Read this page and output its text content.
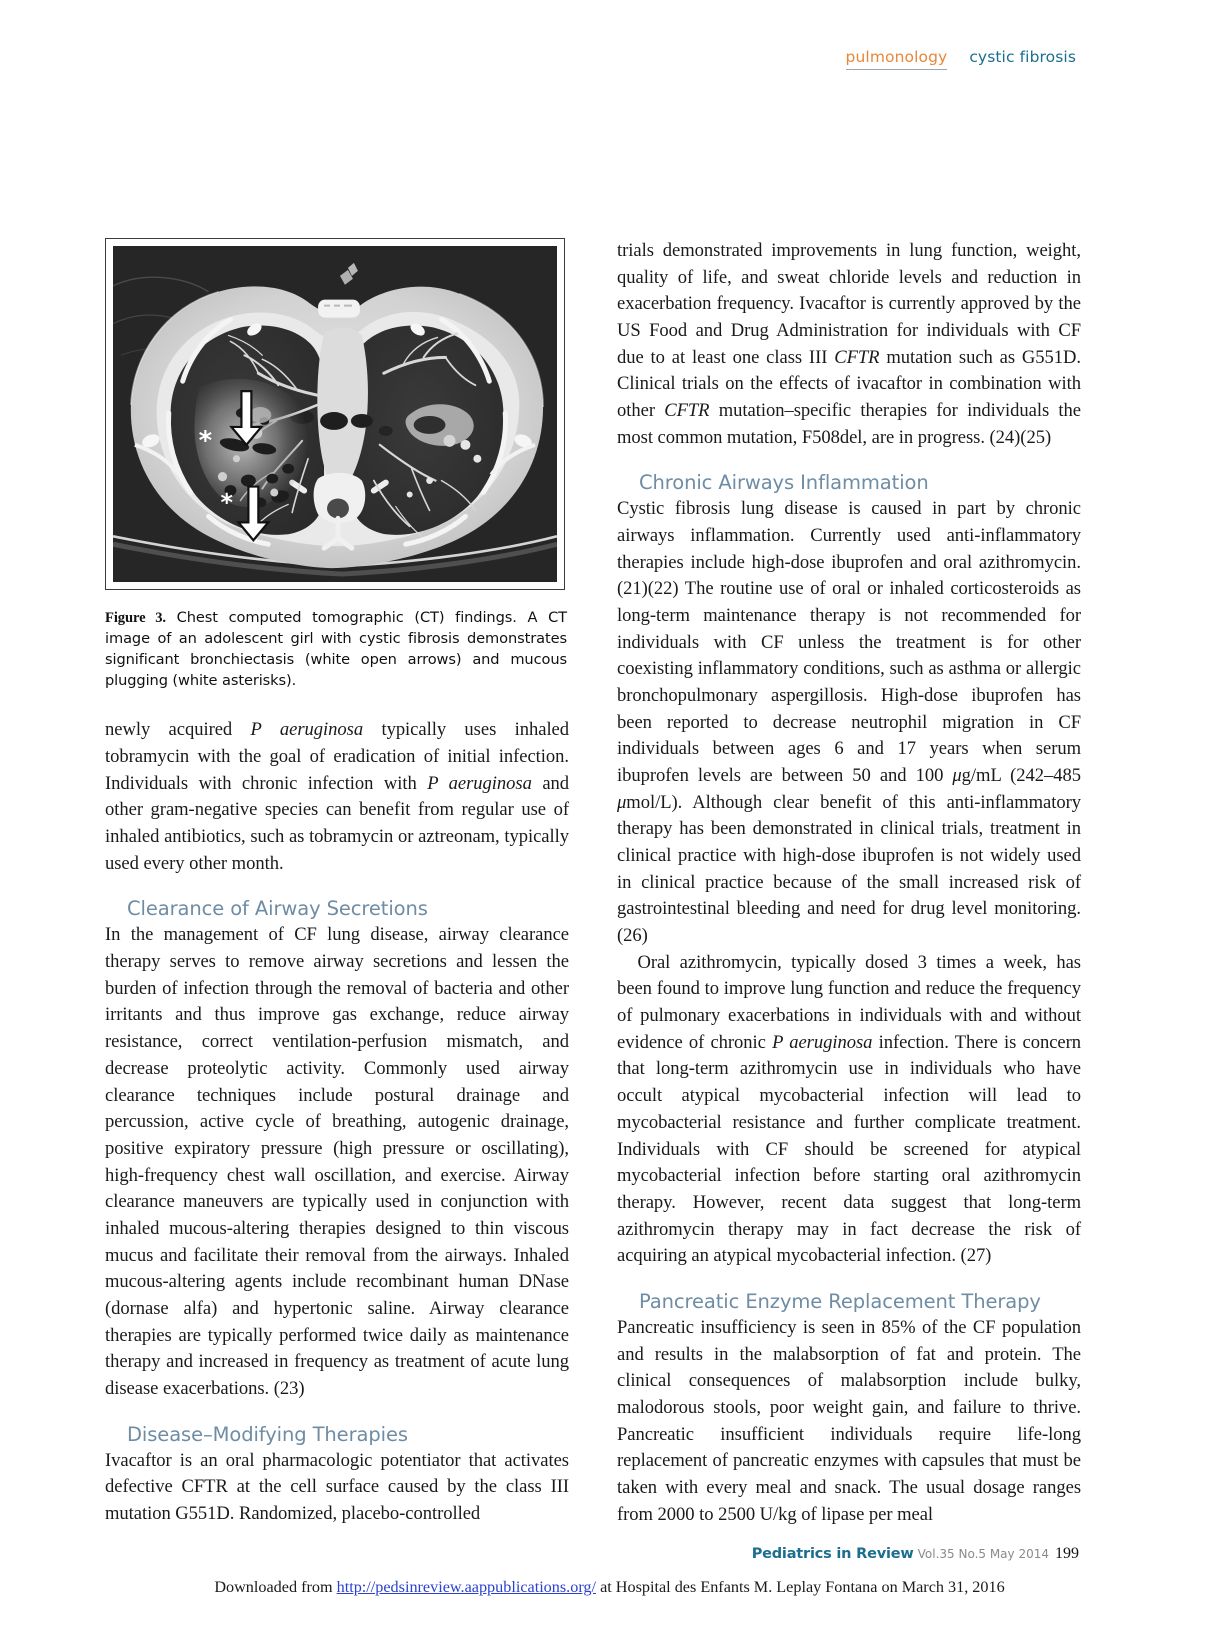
pulmonology cystic fibrosis
*
*

Figure 3. Chest computed tomographic (CT) findings. A CT image of an adolescent girl with cystic fibrosis demonstrates significant bronchiectasis (white open arrows) and mucous plugging (white asterisks).

newly acquired P aeruginosa typically uses inhaled tobramycin with the goal of eradication of initial infection. Individuals with chronic infection with P aeruginosa and other gram-negative species can benefit from regular use of inhaled antibiotics, such as tobramycin or aztreonam, typically used every other month.

Clearance of Airway Secretions

In the management of CF lung disease, airway clearance therapy serves to remove airway secretions and lessen the burden of infection through the removal of bacteria and other irritants and thus improve gas exchange, reduce airway resistance, correct ventilation-perfusion mismatch, and decrease proteolytic activity. Commonly used airway clearance techniques include postural drainage and percussion, active cycle of breathing, autogenic drainage, positive expiratory pressure (high pressure or oscillating), high-frequency chest wall oscillation, and exercise. Airway clearance maneuvers are typically used in conjunction with inhaled mucous-altering therapies designed to thin viscous mucus and facilitate their removal from the airways. Inhaled mucous-altering agents include recombinant human DNase (dornase alfa) and hypertonic saline. Airway clearance therapies are typically performed twice daily as maintenance therapy and increased in frequency as treatment of acute lung disease exacerbations. (23)

Disease–Modifying Therapies

Ivacaftor is an oral pharmacologic potentiator that activates defective CFTR at the cell surface caused by the class III mutation G551D. Randomized, placebo-controlled

trials demonstrated improvements in lung function, weight, quality of life, and sweat chloride levels and reduction in exacerbation frequency. Ivacaftor is currently approved by the US Food and Drug Administration for individuals with CF due to at least one class III CFTR mutation such as G551D. Clinical trials on the effects of ivacaftor in combination with other CFTR mutation–specific therapies for individuals the most common mutation, F508del, are in progress. (24)(25)

Chronic Airways Inflammation

Cystic fibrosis lung disease is caused in part by chronic airways inflammation. Currently used anti-inflammatory therapies include high-dose ibuprofen and oral azithromycin. (21)(22) The routine use of oral or inhaled corticosteroids as long-term maintenance therapy is not recommended for individuals with CF unless the treatment is for other coexisting inflammatory conditions, such as asthma or allergic bronchopulmonary aspergillosis. High-dose ibuprofen has been reported to decrease neutrophil migration in CF individuals between ages 6 and 17 years when serum ibuprofen levels are between 50 and 100 μg/mL (242–485 μmol/L). Although clear benefit of this anti-inflammatory therapy has been demonstrated in clinical trials, treatment in clinical practice with high-dose ibuprofen is not widely used in clinical practice because of the small increased risk of gastrointestinal bleeding and need for drug level monitoring. (26)

Oral azithromycin, typically dosed 3 times a week, has been found to improve lung function and reduce the frequency of pulmonary exacerbations in individuals with and without evidence of chronic P aeruginosa infection. There is concern that long-term azithromycin use in individuals who have occult atypical mycobacterial infection will lead to mycobacterial resistance and further complicate treatment. Individuals with CF should be screened for atypical mycobacterial infection before starting oral azithromycin therapy. However, recent data suggest that long-term azithromycin therapy may in fact decrease the risk of acquiring an atypical mycobacterial infection. (27)

Pancreatic Enzyme Replacement Therapy

Pancreatic insufficiency is seen in 85% of the CF population and results in the malabsorption of fat and protein. The clinical consequences of malabsorption include bulky, malodorous stools, poor weight gain, and failure to thrive. Pancreatic insufficient individuals require life-long replacement of pancreatic enzymes with capsules that must be taken with every meal and snack. The usual dosage ranges from 2000 to 2500 U/kg of lipase per meal

Pediatrics in Review Vol.35 No.5 May 2014 199
Downloaded from http://pedsinreview.aappublications.org/ at Hospital des Enfants M. Leplay Fontana on March 31, 2016
